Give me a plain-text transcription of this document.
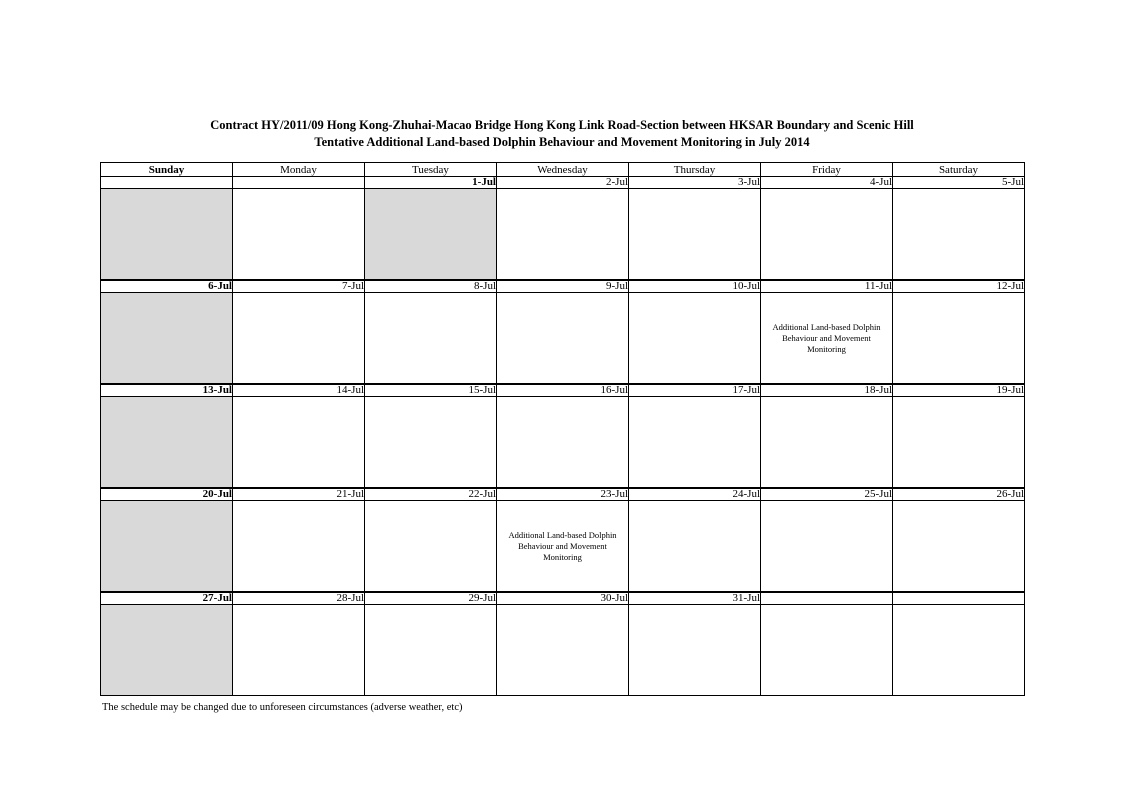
Contract HY/2011/09 Hong Kong-Zhuhai-Macao Bridge Hong Kong Link Road-Section between HKSAR Boundary and Scenic Hill
Tentative Additional Land-based Dolphin Behaviour and Movement Monitoring in July 2014
Sunday	Monday	Tuesday	Wednesday	Thursday	Friday	Saturday
		1-Jul	2-Jul	3-Jul	4-Jul	5-Jul

6-Jul	7-Jul	8-Jul	9-Jul	10-Jul	11-Jul	12-Jul

					Additional Land-based Dolphin Behaviour and Movement Monitoring	

13-Jul	14-Jul	15-Jul	16-Jul	17-Jul	18-Jul	19-Jul

20-Jul	21-Jul	22-Jul	23-Jul	24-Jul	25-Jul	26-Jul

			Additional Land-based Dolphin Behaviour and Movement Monitoring			

27-Jul	28-Jul	29-Jul	30-Jul	31-Jul		

The schedule may be changed due to unforeseen circumstances (adverse weather, etc)
